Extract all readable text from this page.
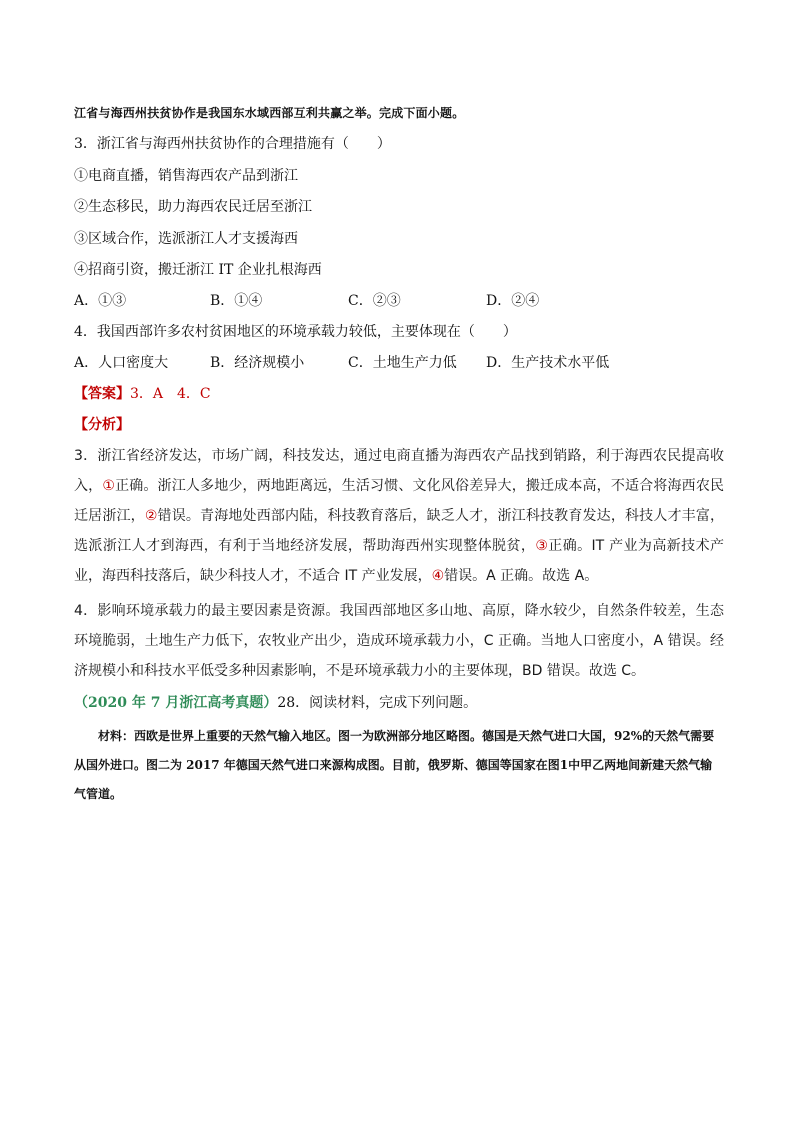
江省与海西州扶贫协作是我国东水域西部互利共赢之举。完成下面小题。
3．浙江省与海西州扶贫协作的合理措施有（　　）
①电商直播，销售海西农产品到浙江
②生态移民，助力海西农民迁居至浙江
③区域合作，选派浙江人才支援海西
④招商引资，搬迁浙江 IT 企业扎根海西
A．①③	B．①④	C．②③	D．②④
4．我国西部许多农村贫困地区的环境承载力较低，主要体现在（　　）
A．人口密度大	B．经济规模小	C．土地生产力低 D．生产技术水平低
【答案】3．A　4．C
【分析】

3．浙江省经济发达，市场广阔，科技发达，通过电商直播为海西农产品找到销路，利于海西农民提高收入，①正确。浙江人多地少，两地距离远，生活习惯、文化风俗差异大，搬迁成本高，不适合将海西农民迁居浙江，②错误。青海地处西部内陆，科技教育落后，缺乏人才，浙江科技教育发达，科技人才丰富，选派浙江人才到海西，有利于当地经济发展，帮助海西州实现整体脱贫，③正确。IT 产业为高新技术产业，海西科技落后，缺少科技人才，不适合 IT 产业发展，④错误。A 正确。故选 A。

4．影响环境承载力的最主要因素是资源。我国西部地区多山地、高原，降水较少，自然条件较差，生态环境脆弱，土地生产力低下，农牧业产出少，造成环境承载力小，C 正确。当地人口密度小，A 错误。经济规模小和科技水平低受多种因素影响，不是环境承载力小的主要体现，BD 错误。故选 C。

（2020 年 7 月浙江高考真题）28．阅读材料，完成下列问题。
材料：西欧是世界上重要的天然气输入地区。图一为欧洲部分地区略图。德国是天然气进口大国，92%的天然气需要从国外进口。图二为 2017 年德国天然气进口来源构成图。目前，俄罗斯、德国等国家在图1中甲乙两地间新建天然气输气管道。
